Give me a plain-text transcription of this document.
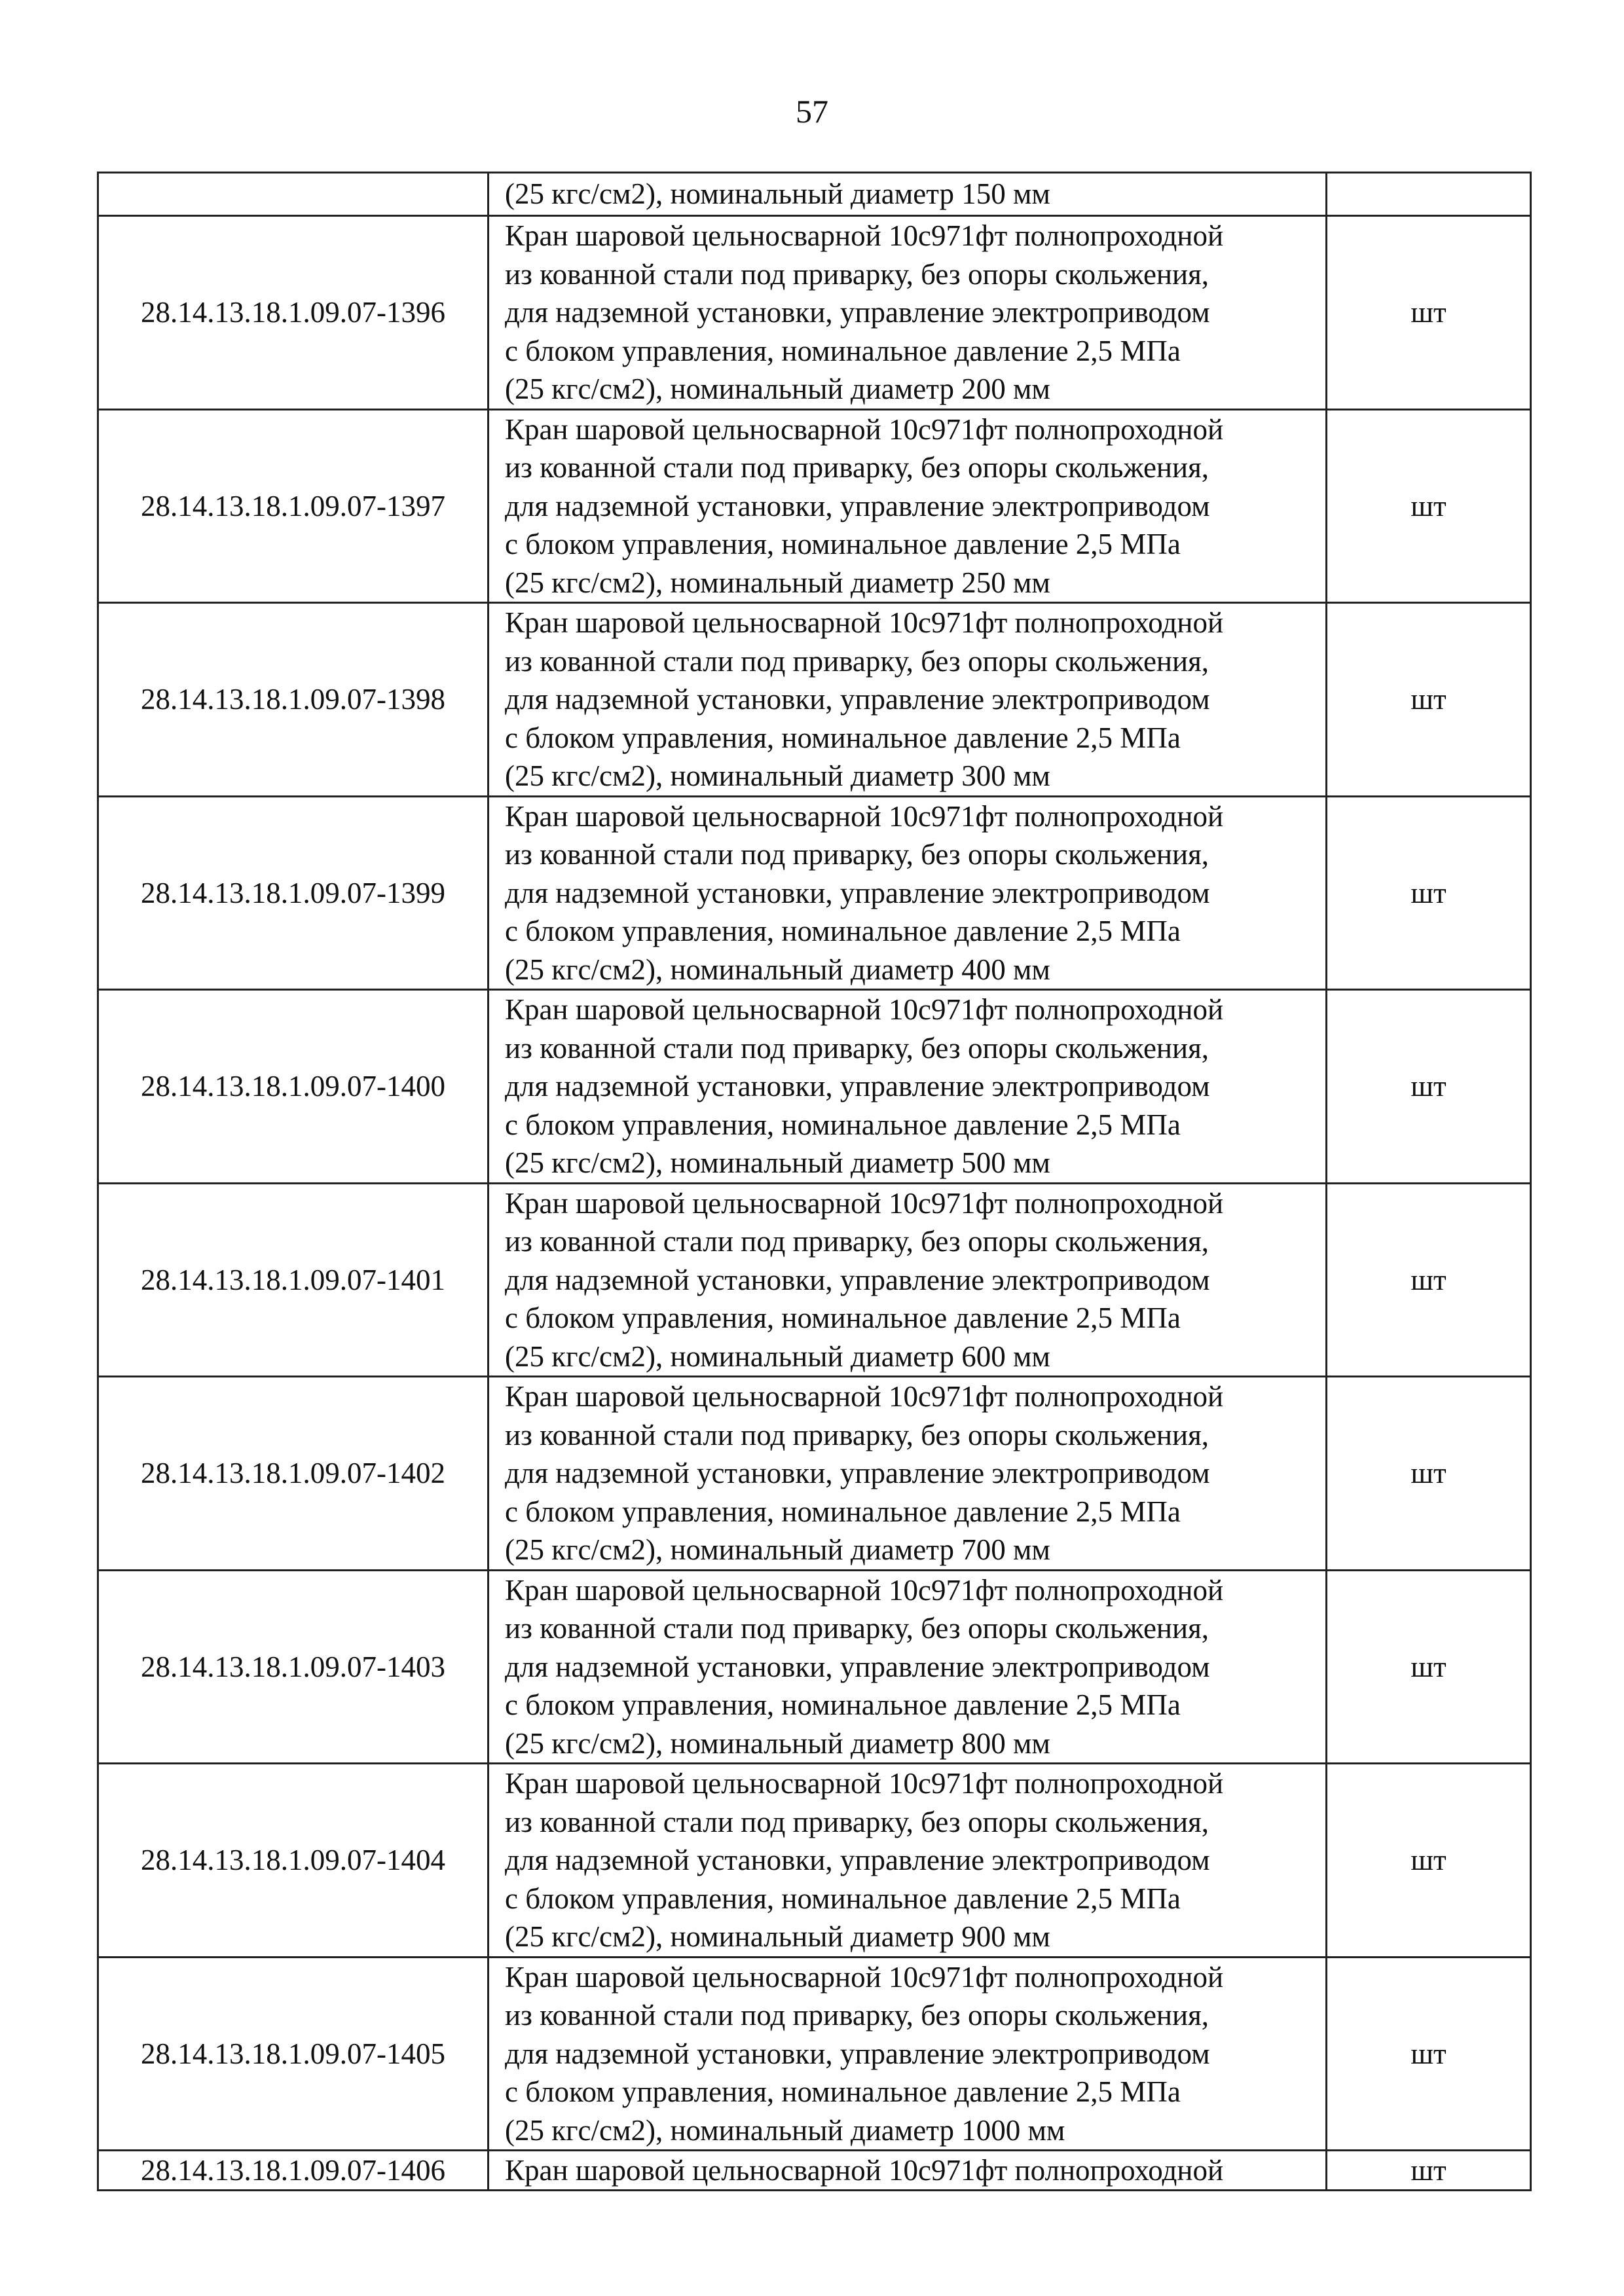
57

	(25 кгс/см2), номинальный диаметр 150 мм	

28.14.13.18.1.09.07-1396	Кран шаровой цельносварной 10с971фт полнопроходной
из кованной стали под приварку, без опоры скольжения,
для надземной установки, управление электроприводом
с блоком управления, номинальное давление 2,5 МПа
(25 кгс/см2), номинальный диаметр 200 мм	шт
28.14.13.18.1.09.07-1397	Кран шаровой цельносварной 10с971фт полнопроходной
из кованной стали под приварку, без опоры скольжения,
для надземной установки, управление электроприводом
с блоком управления, номинальное давление 2,5 МПа
(25 кгс/см2), номинальный диаметр 250 мм	шт
28.14.13.18.1.09.07-1398	Кран шаровой цельносварной 10с971фт полнопроходной
из кованной стали под приварку, без опоры скольжения,
для надземной установки, управление электроприводом
с блоком управления, номинальное давление 2,5 МПа
(25 кгс/см2), номинальный диаметр 300 мм	шт
28.14.13.18.1.09.07-1399	Кран шаровой цельносварной 10с971фт полнопроходной
из кованной стали под приварку, без опоры скольжения,
для надземной установки, управление электроприводом
с блоком управления, номинальное давление 2,5 МПа
(25 кгс/см2), номинальный диаметр 400 мм	шт
28.14.13.18.1.09.07-1400	Кран шаровой цельносварной 10с971фт полнопроходной
из кованной стали под приварку, без опоры скольжения,
для надземной установки, управление электроприводом
с блоком управления, номинальное давление 2,5 МПа
(25 кгс/см2), номинальный диаметр 500 мм	шт
28.14.13.18.1.09.07-1401	Кран шаровой цельносварной 10с971фт полнопроходной
из кованной стали под приварку, без опоры скольжения,
для надземной установки, управление электроприводом
с блоком управления, номинальное давление 2,5 МПа
(25 кгс/см2), номинальный диаметр 600 мм	шт
28.14.13.18.1.09.07-1402	Кран шаровой цельносварной 10с971фт полнопроходной
из кованной стали под приварку, без опоры скольжения,
для надземной установки, управление электроприводом
с блоком управления, номинальное давление 2,5 МПа
(25 кгс/см2), номинальный диаметр 700 мм	шт
28.14.13.18.1.09.07-1403	Кран шаровой цельносварной 10с971фт полнопроходной
из кованной стали под приварку, без опоры скольжения,
для надземной установки, управление электроприводом
с блоком управления, номинальное давление 2,5 МПа
(25 кгс/см2), номинальный диаметр 800 мм	шт
28.14.13.18.1.09.07-1404	Кран шаровой цельносварной 10с971фт полнопроходной
из кованной стали под приварку, без опоры скольжения,
для надземной установки, управление электроприводом
с блоком управления, номинальное давление 2,5 МПа
(25 кгс/см2), номинальный диаметр 900 мм	шт
28.14.13.18.1.09.07-1405	Кран шаровой цельносварной 10с971фт полнопроходной
из кованной стали под приварку, без опоры скольжения,
для надземной установки, управление электроприводом
с блоком управления, номинальное давление 2,5 МПа
(25 кгс/см2), номинальный диаметр 1000 мм	шт
28.14.13.18.1.09.07-1406	Кран шаровой цельносварной 10с971фт полнопроходной	шт
